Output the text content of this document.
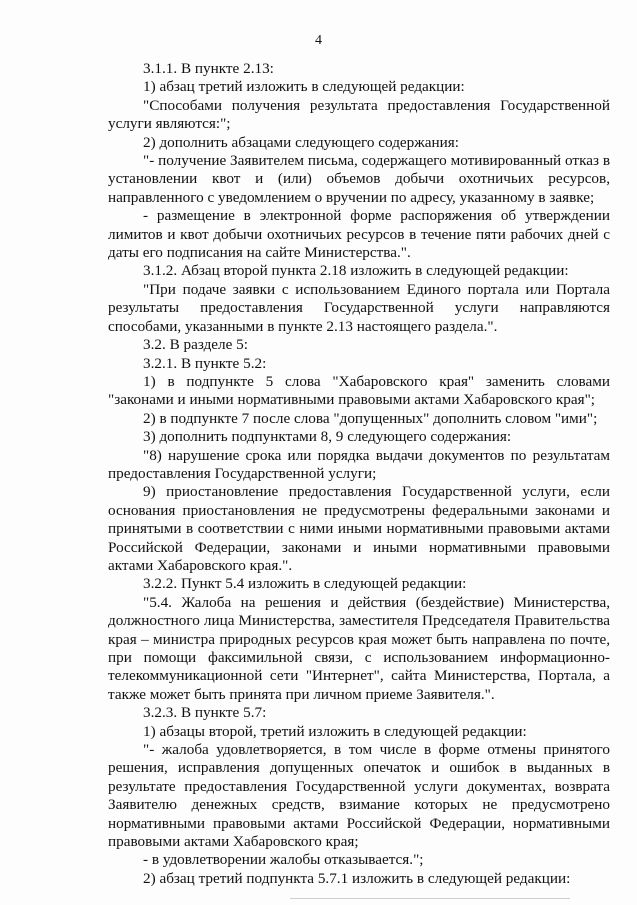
4

3.1.1. В пункте 2.13:

1) абзац третий изложить в следующей редакции:

"Способами получения результата предоставления Государственной услуги являются:";

2) дополнить абзацами следующего содержания:

"- получение Заявителем письма, содержащего мотивированный отказ в установлении квот и (или) объемов добычи охотничьих ресурсов, направленного с уведомлением о вручении по адресу, указанному в заявке;

- размещение в электронной форме распоряжения об утверждении лимитов и квот добычи охотничьих ресурсов в течение пяти рабочих дней с даты его подписания на сайте Министерства.".

3.1.2. Абзац второй пункта 2.18 изложить в следующей редакции:

"При подаче заявки с использованием Единого портала или Портала результаты предоставления Государственной услуги направляются способами, указанными в пункте 2.13 настоящего раздела.".

3.2. В разделе 5:

3.2.1. В пункте 5.2:

1) в подпункте 5 слова "Хабаровского края" заменить словами "законами и иными нормативными правовыми актами Хабаровского края";

2) в подпункте 7 после слова "допущенных" дополнить словом "ими";

3) дополнить подпунктами 8, 9 следующего содержания:

"8) нарушение срока или порядка выдачи документов по результатам предоставления Государственной услуги;

9) приостановление предоставления Государственной услуги, если основания приостановления не предусмотрены федеральными законами и принятыми в соответствии с ними иными нормативными правовыми актами Российской Федерации, законами и иными нормативными правовыми актами Хабаровского края.".

3.2.2. Пункт 5.4 изложить в следующей редакции:

"5.4. Жалоба на решения и действия (бездействие) Министерства, должностного лица Министерства, заместителя Председателя Правительства края – министра природных ресурсов края может быть направлена по почте, при помощи факсимильной связи, с использованием информационно-телекоммуникационной сети "Интернет", сайта Министерства, Портала, а также может быть принята при личном приеме Заявителя.".

3.2.3. В пункте 5.7:

1) абзацы второй, третий изложить в следующей редакции:

"- жалоба удовлетворяется, в том числе в форме отмены принятого решения, исправления допущенных опечаток и ошибок в выданных в результате предоставления Государственной услуги документах, возврата Заявителю денежных средств, взимание которых не предусмотрено нормативными правовыми актами Российской Федерации, нормативными правовыми актами Хабаровского края;

- в удовлетворении жалобы отказывается.";

2) абзац третий подпункта 5.7.1 изложить в следующей редакции:
